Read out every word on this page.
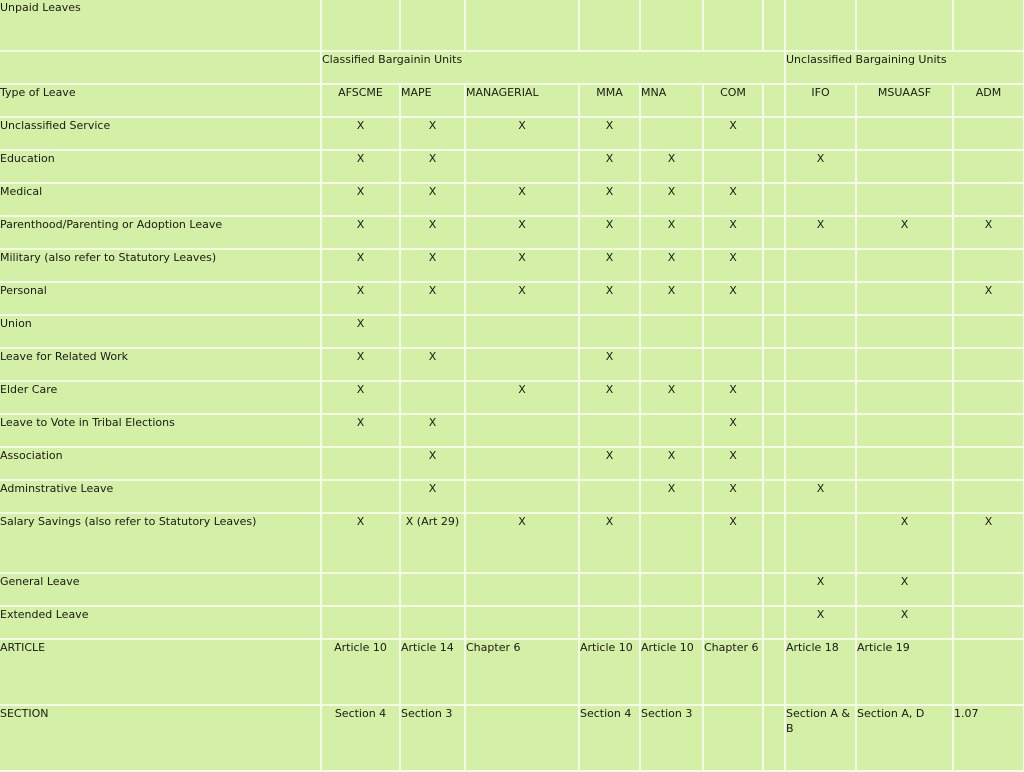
Unpaid Leaves										
	Classified Bargainin Units							Unclassified Bargaining Units		
Type of Leave	AFSCME	MAPE	MANAGERIAL	MMA	MNA	COM		IFO	MSUAASF	ADM
Unclassified Service	X	X	X	X		X				
Education	X	X		X	X			X		
Medical	X	X	X	X	X	X				
Parenthood/Parenting or Adoption Leave	X	X	X	X	X	X		X	X	X
Military (also refer to Statutory Leaves)	X	X	X	X	X	X				
Personal	X	X	X	X	X	X				X
Union	X									
Leave for Related Work	X	X		X						
Elder Care	X		X	X	X	X				
Leave to Vote in Tribal Elections	X	X				X				
Association		X		X	X	X				
Adminstrative Leave		X			X	X		X		
Salary Savings (also refer to Statutory Leaves)	X	X (Art 29)	X	X		X			X	X
General Leave								X	X	
Extended Leave								X	X	
ARTICLE	Article 10	Article 14	Chapter 6	Article 10	Article 10	Chapter 6		Article 18	Article 19	
SECTION	Section 4	Section 3		Section 4	Section 3			Section A & B	Section A, D	1.07
